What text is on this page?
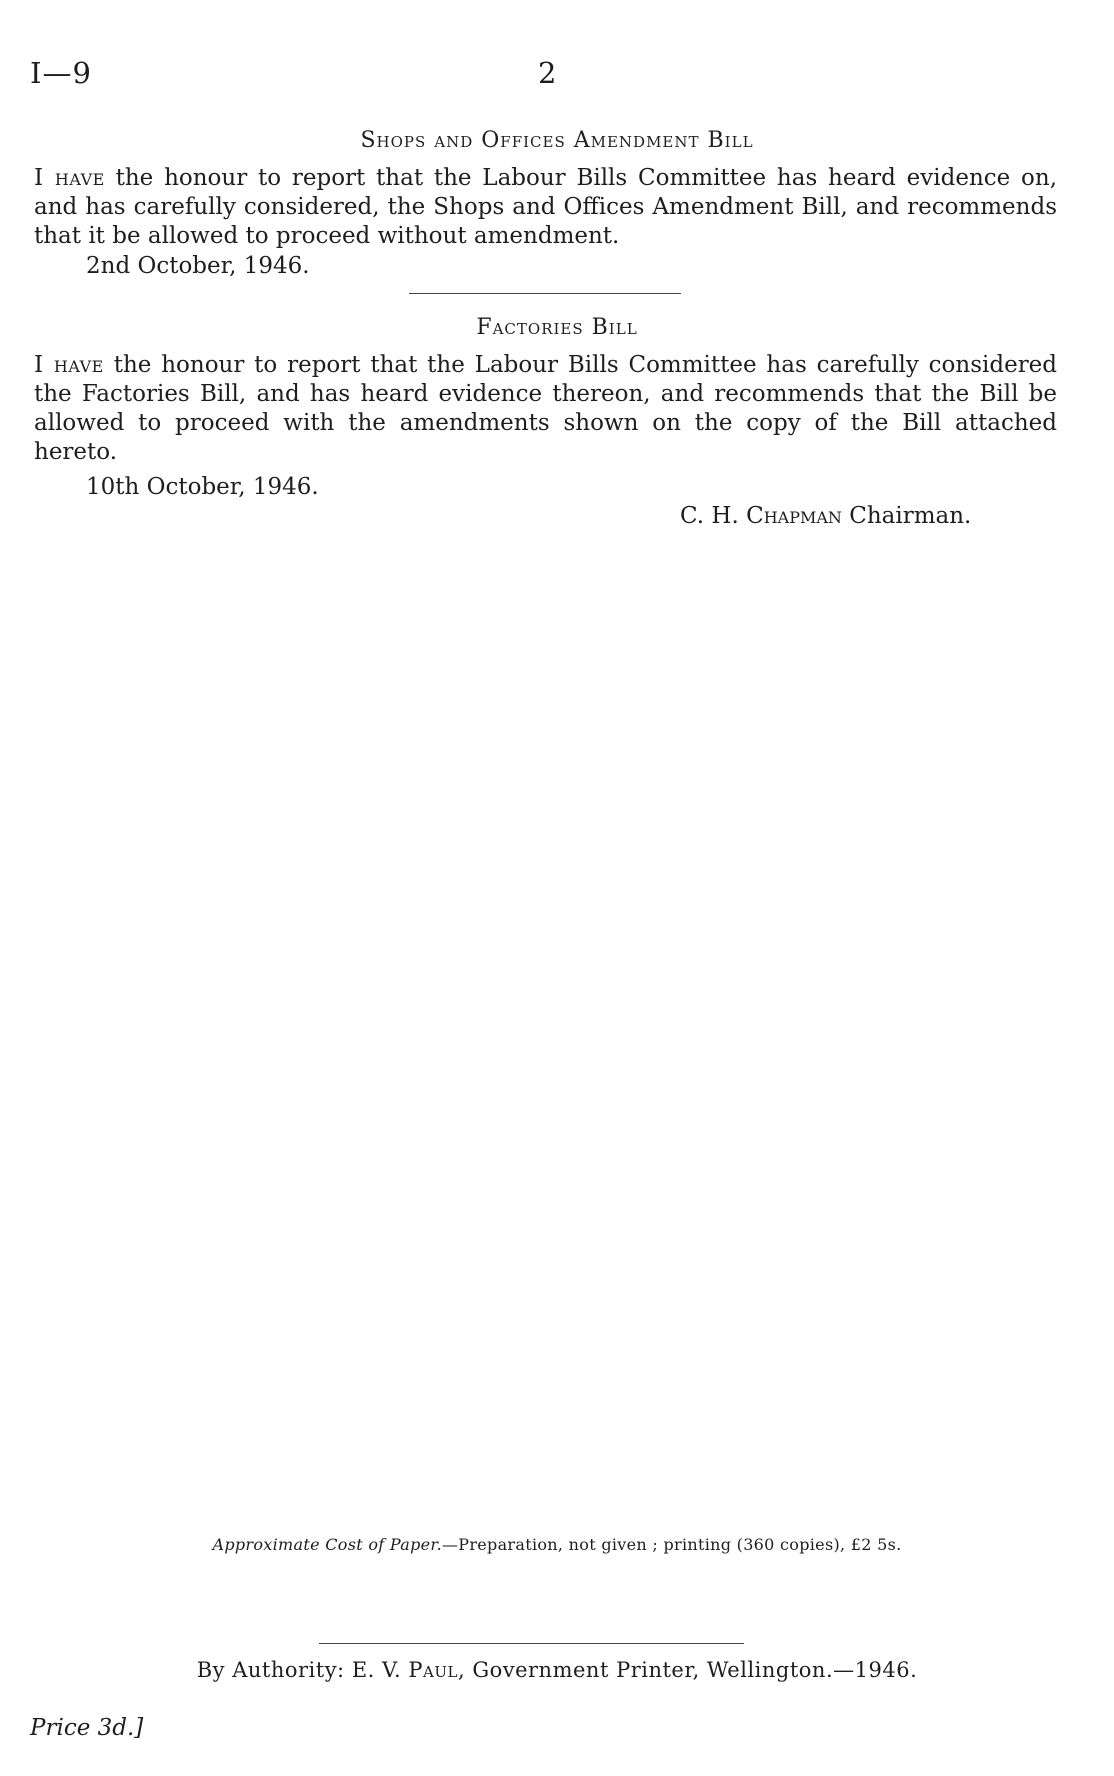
I—9	2
Shops and Offices Amendment Bill
I have the honour to report that the Labour Bills Committee has heard evidence on, and has carefully considered, the Shops and Offices Amendment Bill, and recommends that it be allowed to proceed without amendment.
2nd October, 1946.
Factories Bill
I have the honour to report that the Labour Bills Committee has carefully considered the Factories Bill, and has heard evidence thereon, and recommends that the Bill be allowed to proceed with the amendments shown on the copy of the Bill attached hereto.
10th October, 1946.
C. H. Chapman Chairman.
Approximate Cost of Paper.—Preparation, not given ; printing (360 copies), £2 5s.
By Authority: E. V. Paul, Government Printer, Wellington.—1946.
Price 3d.]
